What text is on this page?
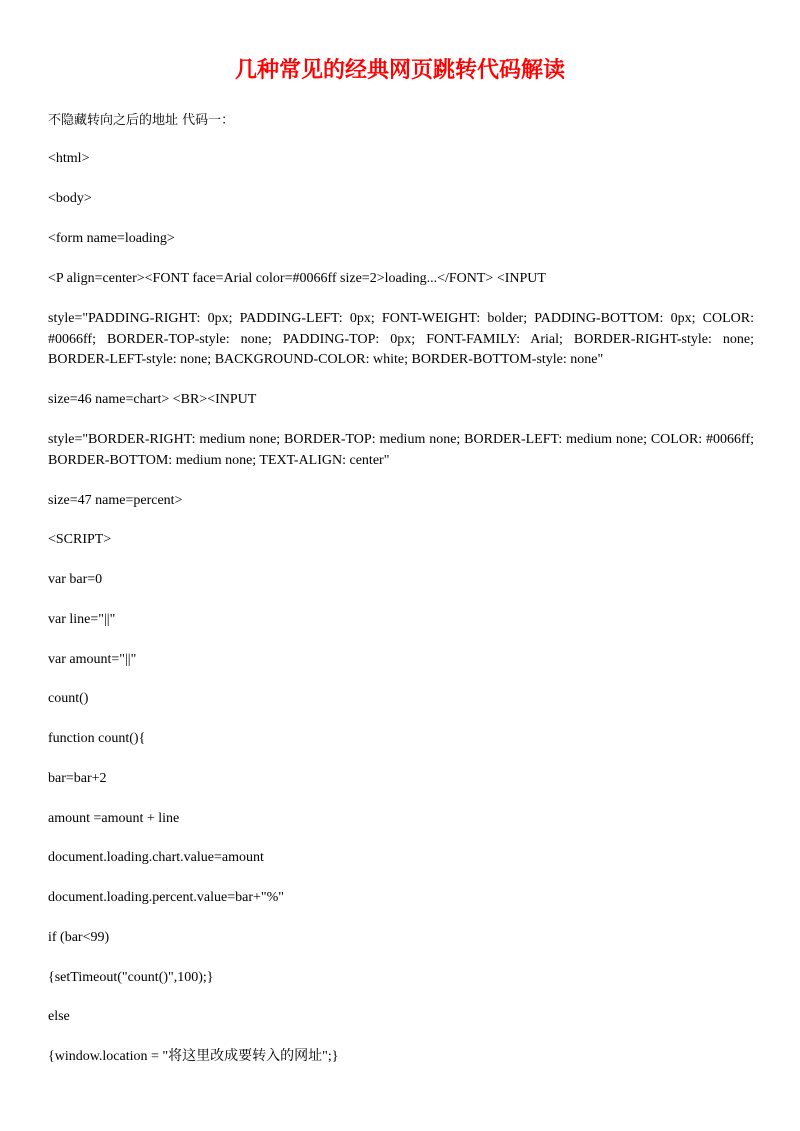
几种常见的经典网页跳转代码解读
不隐藏转向之后的地址 代码一：
<html>
<body>
<form name=loading>
<P align=center><FONT face=Arial color=#0066ff size=2>loading...</FONT> <INPUT
style="PADDING-RIGHT: 0px; PADDING-LEFT: 0px; FONT-WEIGHT: bolder; PADDING-BOTTOM: 0px; COLOR: #0066ff; BORDER-TOP-style: none; PADDING-TOP: 0px; FONT-FAMILY: Arial; BORDER-RIGHT-style: none; BORDER-LEFT-style: none; BACKGROUND-COLOR: white; BORDER-BOTTOM-style: none"
size=46 name=chart> <BR><INPUT
style="BORDER-RIGHT: medium none; BORDER-TOP: medium none; BORDER-LEFT: medium none; COLOR: #0066ff; BORDER-BOTTOM: medium none; TEXT-ALIGN: center"
size=47 name=percent>
<SCRIPT>
var bar=0
var line="||"
var amount="||"
count()
function count(){
bar=bar+2
amount =amount + line
document.loading.chart.value=amount
document.loading.percent.value=bar+"%"
if (bar<99)
{setTimeout("count()",100);}
else
{window.location = "将这里改成要转入的网址";}
